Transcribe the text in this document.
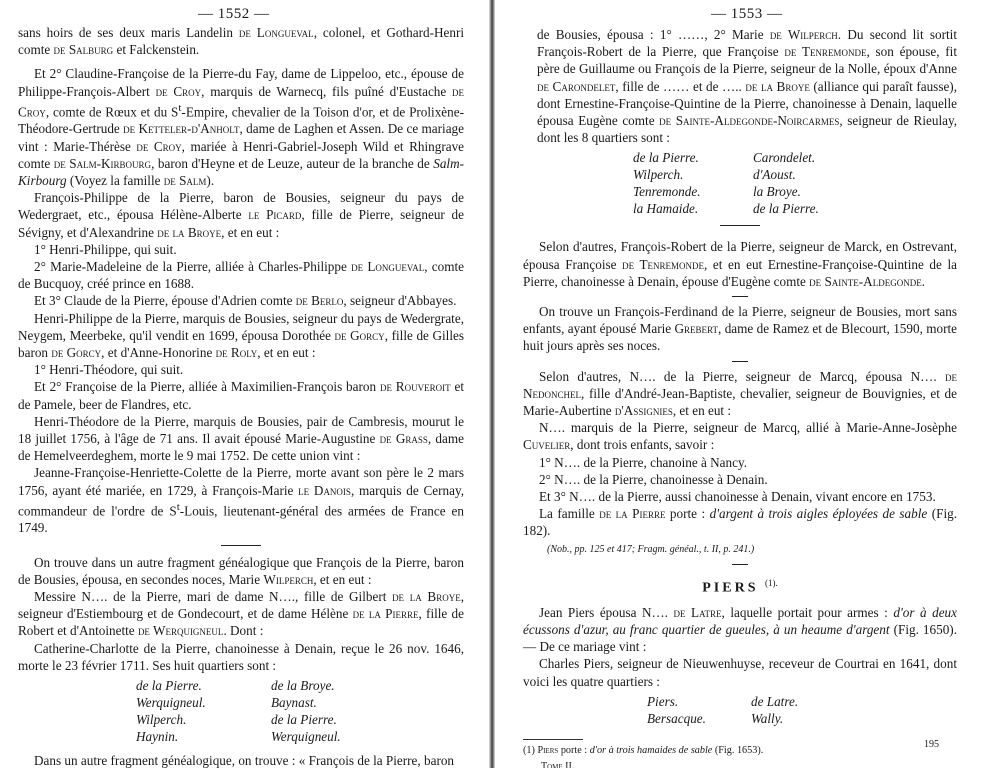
— 1552 —

sans hoirs de ses deux maris Landelin de Longueval, colonel, et Gothard-Henri comte de Salburg et Falckenstein.

Et 2° Claudine-Françoise de la Pierre-du Fay, dame de Lippeloo, etc., épouse de Philippe-François-Albert de Croy, marquis de Warnecq, fils puîné d'Eustache de Croy, comte de Rœux et du $S^t$-Empire, chevalier de la Toison d'or, et de Prolixène-Théodore-Gertrude de Ketteler-d'Anholt, dame de Laghen et Assen. De ce mariage vint : Marie-Thérèse de Croy, mariée à Henri-Gabriel-Joseph Wild et Rhingrave comte de Salm-Kirbourg, baron d'Heyne et de Leuze, auteur de la branche de Salm-Kirbourg (Voyez la famille de Salm).

François-Philippe de la Pierre, baron de Bousies, seigneur du pays de Wedergraet, etc., épousa Hélène-Alberte le Picard, fille de Pierre, seigneur de Sévigny, et d'Alexandrine de la Broye, et en eut :

1° Henri-Philippe, qui suit.

2° Marie-Madeleine de la Pierre, alliée à Charles-Philippe de Longueval, comte de Bucquoy, créé prince en 1688.

Et 3° Claude de la Pierre, épouse d'Adrien comte de Berlo, seigneur d'Abbayes.

Henri-Philippe de la Pierre, marquis de Bousies, seigneur du pays de Wedergrate, Neygem, Meerbeke, qu'il vendit en 1699, épousa Dorothée de Gorcy, fille de Gilles baron de Gorcy, et d'Anne-Honorine de Roly, et en eut :

1° Henri-Théodore, qui suit.

Et 2° Françoise de la Pierre, alliée à Maximilien-François baron de Rouveroit et de Pamele, beer de Flandres, etc.

Henri-Théodore de la Pierre, marquis de Bousies, pair de Cambresis, mourut le 18 juillet 1756, à l'âge de 71 ans. Il avait épousé Marie-Augustine de Grass, dame de Hemelveerdeghem, morte le 9 mai 1752. De cette union vint :

Jeanne-Françoise-Henriette-Colette de la Pierre, morte avant son père le 2 mars 1756, ayant été mariée, en 1729, à François-Marie le Danois, marquis de Cernay, commandeur de l'ordre de $S^t$-Louis, lieutenant-général des armées de France en 1749.

On trouve dans un autre fragment généalogique que François de la Pierre, baron de Bousies, épousa, en secondes noces, Marie Wilperch, et en eut :

Messire N…. de la Pierre, mari de dame N…., fille de Gilbert de la Broye, seigneur d'Estiembourg et de Gondecourt, et de dame Hélène de la Pierre, fille de Robert et d'Antoinette de Werquigneul. Dont :

Catherine-Charlotte de la Pierre, chanoinesse à Denain, reçue le 26 nov. 1646, morte le 23 février 1711. Ses huit quartiers sont :

de la Pierre.	de la Broye.
Werquigneul.	Baynast.
Wilperch.	de la Pierre.
Haynin.	Werquigneul.

Dans un autre fragment généalogique, on trouve : « François de la Pierre, baron

— 1553 —

de Bousies, épousa : 1° ……, 2° Marie de Wilperch. Du second lit sortit François-Robert de la Pierre, que Françoise de Tenremonde, son épouse, fit père de Guillaume ou François de la Pierre, seigneur de la Nolle, époux d'Anne de Carondelet, fille de …… et de ….. de la Broye (alliance qui paraît fausse), dont Ernestine-Françoise-Quintine de la Pierre, chanoinesse à Denain, laquelle épousa Eugène comte de Sainte-Aldegonde-Noircarmes, seigneur de Rieulay, dont les 8 quartiers sont :

de la Pierre.	Carondelet.
Wilperch.	d'Aoust.
Tenremonde.	la Broye.
la Hamaide.	de la Pierre.

Selon d'autres, François-Robert de la Pierre, seigneur de Marck, en Ostrevant, épousa Françoise de Tenremonde, et en eut Ernestine-Françoise-Quintine de la Pierre, chanoinesse à Denain, épouse d'Eugène comte de Sainte-Aldegonde.

On trouve un François-Ferdinand de la Pierre, seigneur de Bousies, mort sans enfants, ayant épousé Marie Grebert, dame de Ramez et de Blecourt, 1590, morte huit jours après ses noces.

Selon d'autres, N…. de la Pierre, seigneur de Marcq, épousa N…. de Nedonchel, fille d'André-Jean-Baptiste, chevalier, seigneur de Bouvignies, et de Marie-Aubertine d'Assignies, et en eut :

N…. marquis de la Pierre, seigneur de Marcq, allié à Marie-Anne-Josèphe Cuvelier, dont trois enfants, savoir :

1° N…. de la Pierre, chanoine à Nancy.

2° N…. de la Pierre, chanoinesse à Denain.

Et 3° N…. de la Pierre, aussi chanoinesse à Denain, vivant encore en 1753.

La famille de la Pierre porte : d'argent à trois aigles éployées de sable (Fig. 182).

(Nob., pp. 125 et 417; Fragm. généal., t. II, p. 241.)
PIERS $^{(1).}$

Jean Piers épousa N…. de Latre, laquelle portait pour armes : d'or à deux écussons d'azur, au franc quartier de gueules, à un heaume d'argent (Fig. 1650). — De ce mariage vint :

Charles Piers, seigneur de Nieuwenhuyse, receveur de Courtrai en 1641, dont voici les quatre quartiers :

Piers.	de Latre.
Bersacque.	Wally.

(1) Piers porte : d'or à trois hamaides de sable (Fig. 1653).

Tome II.
195
